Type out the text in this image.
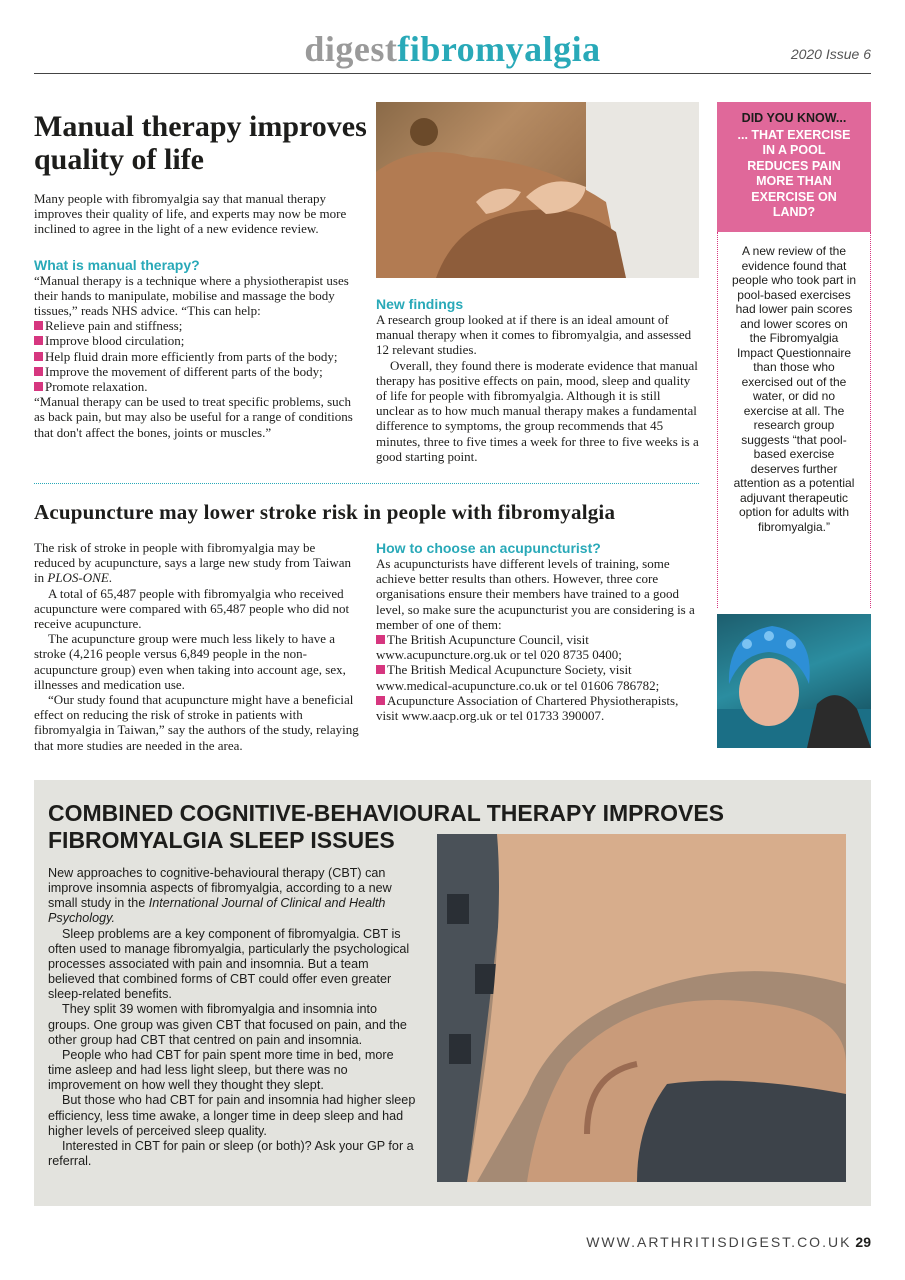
digestfibromyalgia	2020 Issue 6
Manual therapy improves quality of life

Many people with fibromyalgia say that manual therapy improves their quality of life, and experts may now be more inclined to agree in the light of a new evidence review.

What is manual therapy?

“Manual therapy is a technique where a physiotherapist uses their hands to manipulate, mobilise and massage the body tissues,” reads NHS advice. “This can help:

Relieve pain and stiffness;
Improve blood circulation;
Help fluid drain more efficiently from parts of the body;
Improve the movement of different parts of the body;
Promote relaxation.

“Manual therapy can be used to treat specific problems, such as back pain, but may also be useful for a range of conditions that don't affect the bones, joints or muscles.”

New findings

A research group looked at if there is an ideal amount of manual therapy when it comes to fibromyalgia, and assessed 12 relevant studies.

Overall, they found there is moderate evidence that manual therapy has positive effects on pain, mood, sleep and quality of life for people with fibromyalgia. Although it is still unclear as to how much manual therapy makes a fundamental difference to symptoms, the group recommends that 45 minutes, three to five times a week for three to five weeks is a good starting point.

DID YOU KNOW...
... THAT EXERCISE IN A POOL REDUCES PAIN MORE THAN EXERCISE ON LAND?
A new review of the evidence found that people who took part in pool-based exercises had lower pain scores and lower scores on the Fibromyalgia Impact Questionnaire than those who exercised out of the water, or did no exercise at all. The research group suggests “that pool-based exercise deserves further attention as a potential adjuvant therapeutic option for adults with fibromyalgia.”
Acupuncture may lower stroke risk in people with fibromyalgia

The risk of stroke in people with fibromyalgia may be reduced by acupuncture, says a large new study from Taiwan in PLOS-ONE.

A total of 65,487 people with fibromyalgia who received acupuncture were compared with 65,487 people who did not receive acupuncture.

The acupuncture group were much less likely to have a stroke (4,216 people versus 6,849 people in the non-acupuncture group) even when taking into account age, sex, illnesses and medication use.

“Our study found that acupuncture might have a beneficial effect on reducing the risk of stroke in patients with fibromyalgia in Taiwan,” say the authors of the study, relaying that more studies are needed in the area.

How to choose an acupuncturist?

As acupuncturists have different levels of training, some achieve better results than others. However, three core organisations ensure their members have trained to a good level, so make sure the acupuncturist you are considering is a member of one of them:

The British Acupuncture Council, visit www.acupuncture.org.uk or tel 020 8735 0400;
The British Medical Acupuncture Society, visit www.medical-acupuncture.co.uk or tel 01606 786782;
Acupuncture Association of Chartered Physiotherapists, visit www.aacp.org.uk or tel 01733 390007.
COMBINED COGNITIVE-BEHAVIOURAL THERAPY IMPROVES FIBROMYALGIA SLEEP ISSUES

New approaches to cognitive-behavioural therapy (CBT) can improve insomnia aspects of fibromyalgia, according to a new small study in the International Journal of Clinical and Health Psychology.

Sleep problems are a key component of fibromyalgia. CBT is often used to manage fibromyalgia, particularly the psychological processes associated with pain and insomnia. But a team believed that combined forms of CBT could offer even greater sleep-related benefits.

They split 39 women with fibromyalgia and insomnia into groups. One group was given CBT that focused on pain, and the other group had CBT that centred on pain and insomnia.

People who had CBT for pain spent more time in bed, more time asleep and had less light sleep, but there was no improvement on how well they thought they slept.

But those who had CBT for pain and insomnia had higher sleep efficiency, less time awake, a longer time in deep sleep and had higher levels of perceived sleep quality.

Interested in CBT for pain or sleep (or both)? Ask your GP for a referral.

WWW.ARTHRITISDIGEST.CO.UK 29
